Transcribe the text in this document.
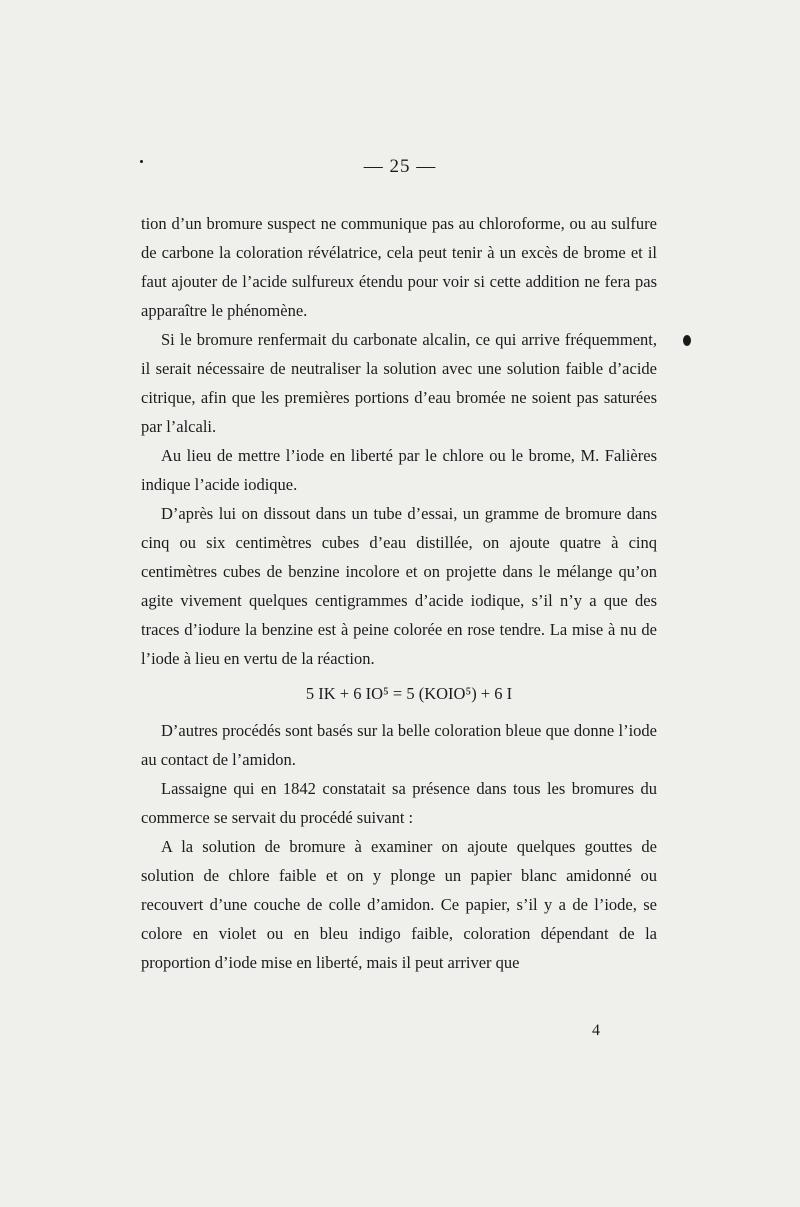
— 25 —

tion d’un bromure suspect ne communique pas au chloroforme, ou au sulfure de carbone la coloration révélatrice, cela peut tenir à un excès de brome et il faut ajouter de l’acide sulfureux étendu pour voir si cette addition ne fera pas apparaître le phénomène.

Si le bromure renfermait du carbonate alcalin, ce qui arrive fréquemment, il serait nécessaire de neutraliser la solution avec une solution faible d’acide citrique, afin que les premières portions d’eau bromée ne soient pas saturées par l’alcali.

Au lieu de mettre l’iode en liberté par le chlore ou le brome, M. Falières indique l’acide iodique.

D’après lui on dissout dans un tube d’essai, un gramme de bromure dans cinq ou six centimètres cubes d’eau distillée, on ajoute quatre à cinq centimètres cubes de benzine incolore et on projette dans le mélange qu’on agite vivement quelques centigrammes d’acide iodique, s’il n’y a que des traces d’iodure la benzine est à peine colorée en rose tendre. La mise à nu de l’iode à lieu en vertu de la réaction.

5 IK + 6 IO⁵ = 5 (KOIO⁵) + 6 I

D’autres procédés sont basés sur la belle coloration bleue que donne l’iode au contact de l’amidon.

Lassaigne qui en 1842 constatait sa présence dans tous les bromures du commerce se servait du procédé suivant :

A la solution de bromure à examiner on ajoute quelques gouttes de solution de chlore faible et on y plonge un papier blanc amidonné ou recouvert d’une couche de colle d’amidon. Ce papier, s’il y a de l’iode, se colore en violet ou en bleu indigo faible, coloration dépendant de la proportion d’iode mise en liberté, mais il peut arriver que

4
